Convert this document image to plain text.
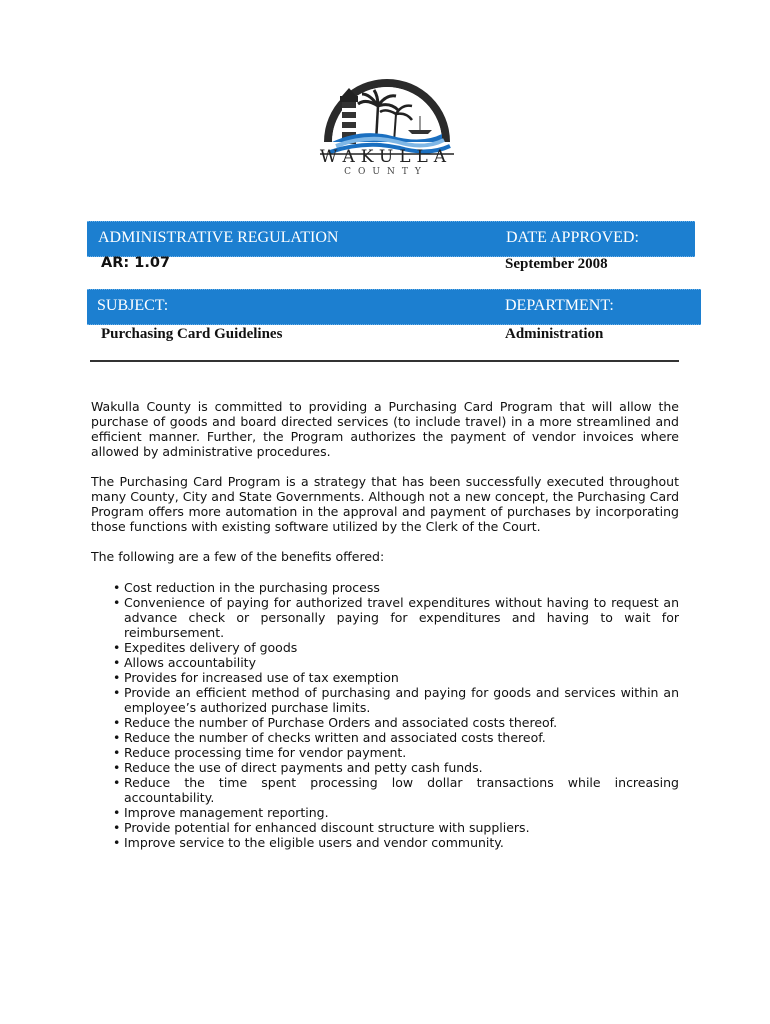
WAKULLA
COUNTY
ADMINISTRATIVE REGULATION	DATE APPROVED:
AR: 1.07	September 2008
SUBJECT:	DEPARTMENT:
Purchasing Card Guidelines	Administration

Wakulla County is committed to providing a Purchasing Card Program that will allow the purchase of goods and board directed services (to include travel) in a more streamlined and efficient manner. Further, the Program authorizes the payment of vendor invoices where allowed by administrative procedures.

The Purchasing Card Program is a strategy that has been successfully executed throughout many County, City and State Governments. Although not a new concept, the Purchasing Card Program offers more automation in the approval and payment of purchases by incorporating those functions with existing software utilized by the Clerk of the Court.

The following are a few of the benefits offered:

• Cost reduction in the purchasing process
• Convenience of paying for authorized travel expenditures without having to request an advance check or personally paying for expenditures and having to wait for reimbursement.
• Expedites delivery of goods
• Allows accountability
• Provides for increased use of tax exemption
• Provide an efficient method of purchasing and paying for goods and services within an employee’s authorized purchase limits.
• Reduce the number of Purchase Orders and associated costs thereof.
• Reduce the number of checks written and associated costs thereof.
• Reduce processing time for vendor payment.
• Reduce the use of direct payments and petty cash funds.
• Reduce the time spent processing low dollar transactions while increasing accountability.
• Improve management reporting.
• Provide potential for enhanced discount structure with suppliers.
• Improve service to the eligible users and vendor community.
